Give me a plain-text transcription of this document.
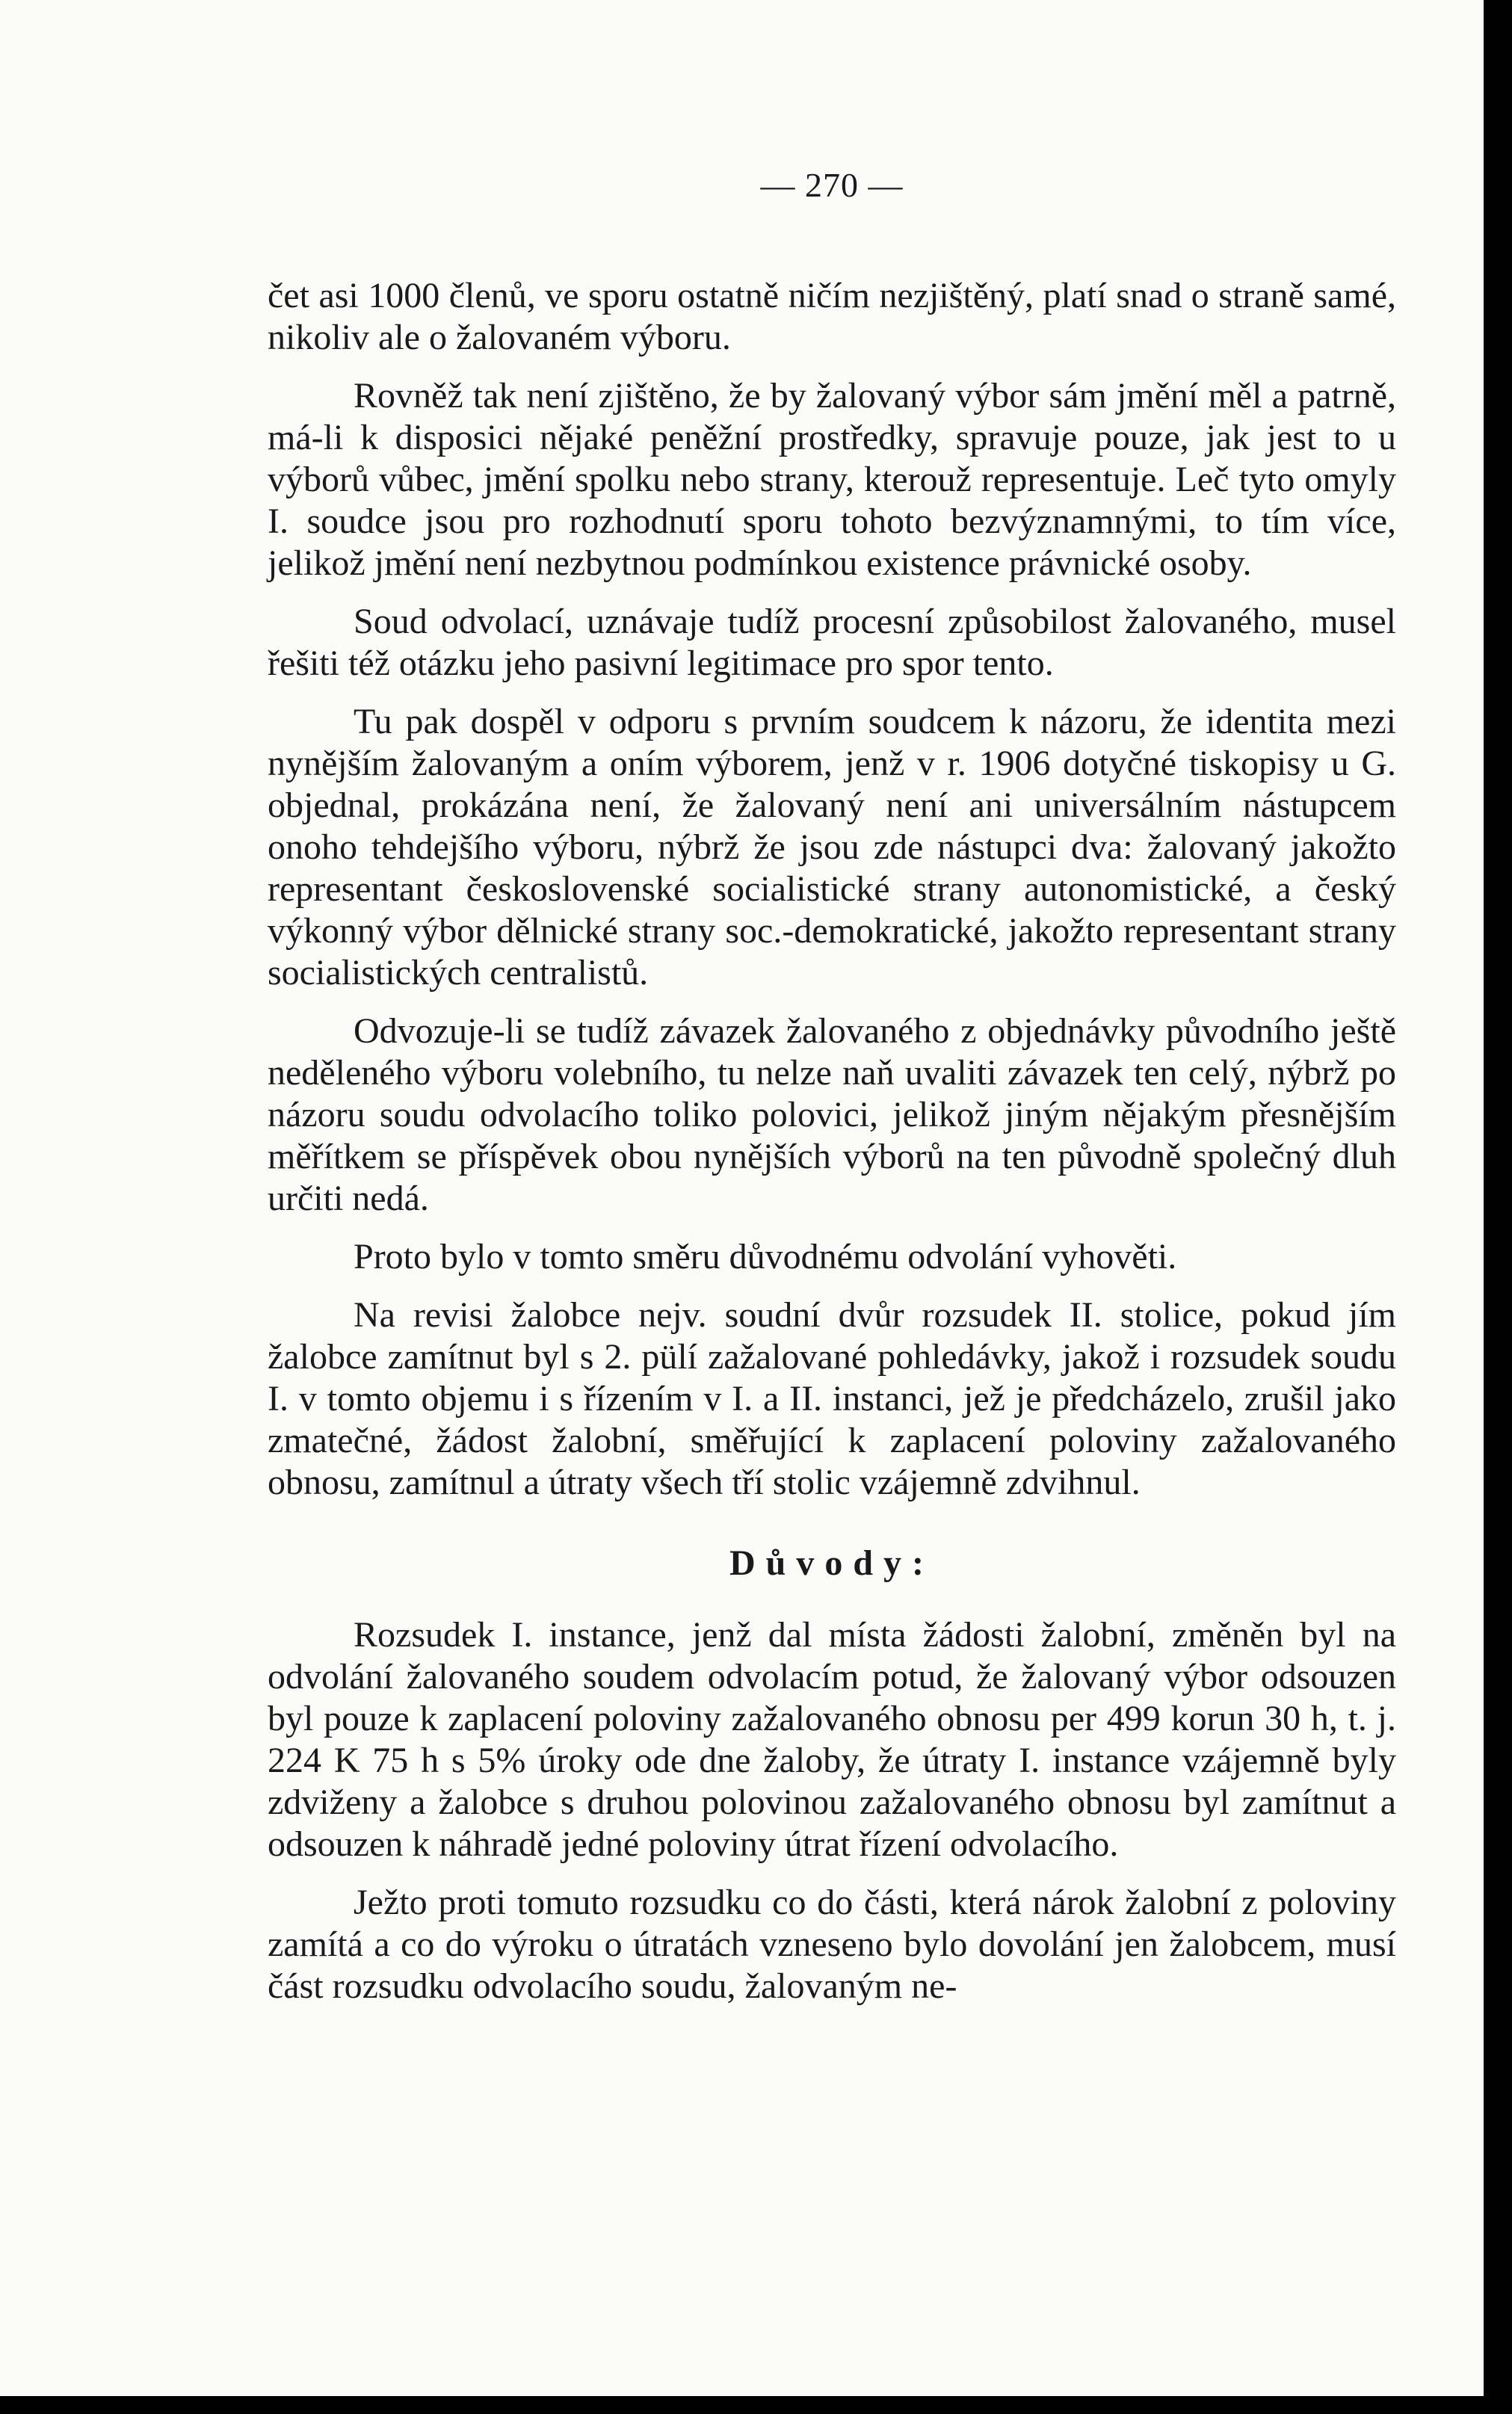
— 270 —

čet asi 1000 členů, ve sporu ostatně ničím nezjištěný, platí snad o straně samé, nikoliv ale o žalovaném výboru.

Rovněž tak není zjištěno, že by žalovaný výbor sám jmění měl a patrně, má-li k disposici nějaké peněžní prostředky, spravuje pouze, jak jest to u výborů vůbec, jmění spolku nebo strany, kterouž representuje. Leč tyto omyly I. soudce jsou pro rozhodnutí sporu tohoto bezvýznamnými, to tím více, jelikož jmění není nezbytnou podmínkou existence právnické osoby.

Soud odvolací, uznávaje tudíž procesní způsobilost žalovaného, musel řešiti též otázku jeho pasivní legitimace pro spor tento.

Tu pak dospěl v odporu s prvním soudcem k názoru, že identita mezi nynějším žalovaným a oním výborem, jenž v r. 1906 dotyčné tiskopisy u G. objednal, prokázána není, že žalovaný není ani universálním nástupcem onoho tehdejšího výboru, nýbrž že jsou zde nástupci dva: žalovaný jakožto representant československé socialistické strany autonomistické, a český výkonný výbor dělnické strany soc.-demokratické, jakožto representant strany socialistických centralistů.

Odvozuje-li se tudíž závazek žalovaného z objednávky původního ještě neděleného výboru volebního, tu nelze naň uvaliti závazek ten celý, nýbrž po názoru soudu odvolacího toliko polovici, jelikož jiným nějakým přesnějším měřítkem se příspěvek obou nynějších výborů na ten původně společný dluh určiti nedá.

Proto bylo v tomto směru důvodnému odvolání vyhověti.

Na revisi žalobce nejv. soudní dvůr rozsudek II. stolice, pokud jím žalobce zamítnut byl s 2. pülí zažalované pohledávky, jakož i rozsudek soudu I. v tomto objemu i s řízením v I. a II. instanci, jež je předcházelo, zrušil jako zmatečné, žádost žalobní, směřující k zaplacení poloviny zažalovaného obnosu, zamítnul a útraty všech tří stolic vzájemně zdvihnul.

Důvody:

Rozsudek I. instance, jenž dal místa žádosti žalobní, změněn byl na odvolání žalovaného soudem odvolacím potud, že žalovaný výbor odsouzen byl pouze k zaplacení poloviny zažalovaného obnosu per 499 korun 30 h, t. j. 224 K 75 h s 5% úroky ode dne žaloby, že útraty I. instance vzájemně byly zdviženy a žalobce s druhou polovinou zažalovaného obnosu byl zamítnut a odsouzen k náhradě jedné poloviny útrat řízení odvolacího.

Ježto proti tomuto rozsudku co do části, která nárok žalobní z poloviny zamítá a co do výroku o útratách vzneseno bylo dovolání jen žalobcem, musí část rozsudku odvolacího soudu, žalovaným ne-
